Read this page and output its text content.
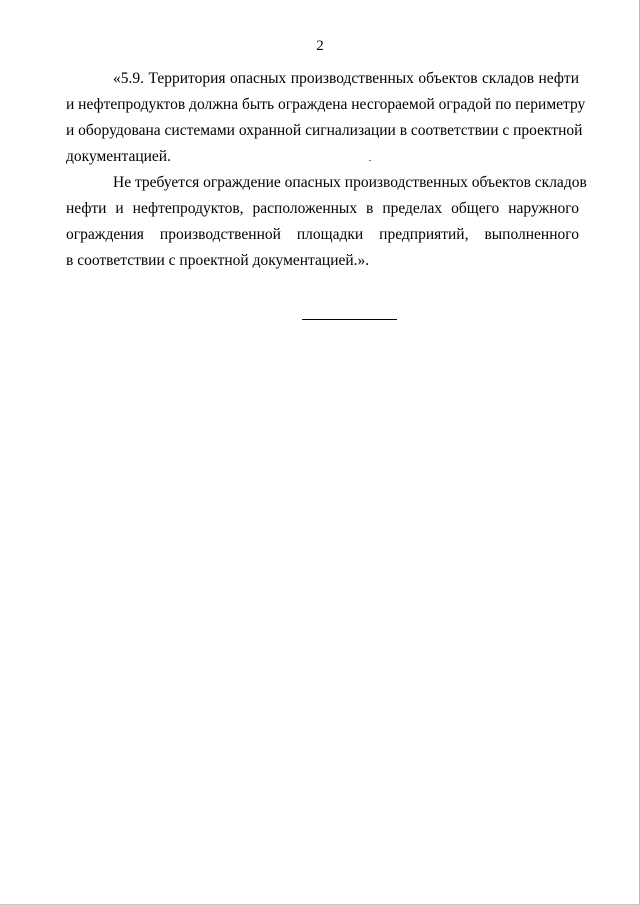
2
«5.9. Территория опасных производственных объектов складов нефти
и нефтепродуктов должна быть ограждена несгораемой оградой по периметру
и оборудована системами охранной сигнализации в соответствии с проектной
документацией.
Не требуется ограждение опасных производственных объектов складов
нефти и нефтепродуктов, расположенных в пределах общего наружного
ограждения производственной площадки предприятий, выполненного
в соответствии с проектной документацией.».
